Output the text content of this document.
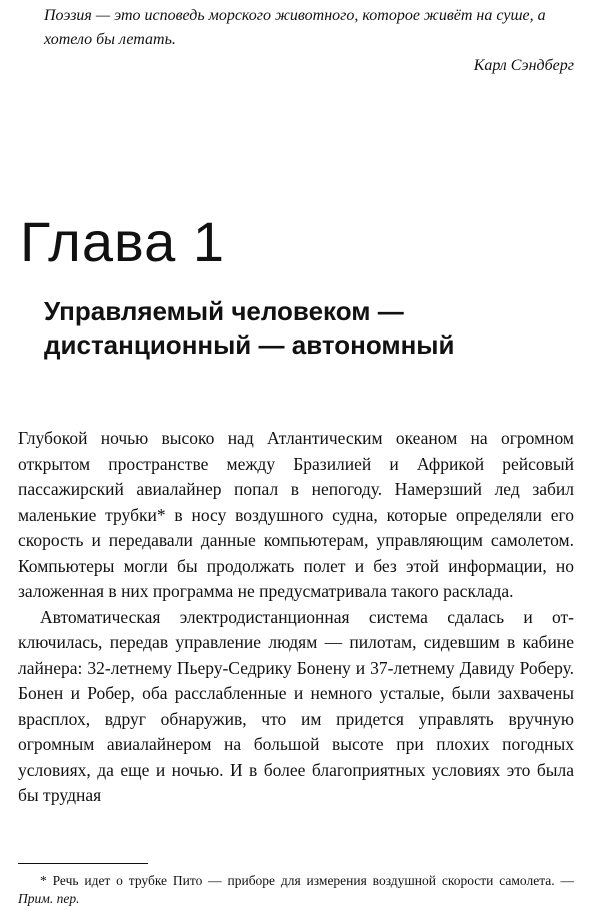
Поэзия — это исповедь морского животного, которое живёт на суше, а хотело бы летать.

Карл Сэндберг

Глава 1
Управляемый человеком — дистанционный — автономный

Глубокой ночью высоко над Атлантическим океаном на огромном открытом пространстве между Бразилией и Африкой рейсовый пассажирский авиалайнер попал в непогоду. Намерзший лед забил маленькие трубки* в носу воздушного судна, которые определяли его скорость и передавали данные компьютерам, управляющим самолетом. Компьютеры могли бы продолжать полет и без этой информации, но заложенная в них программа не предусматривала такого расклада.

Автоматическая электродистанционная система сдалась и отключилась, передав управление людям — пилотам, сидевшим в кабине лайнера: 32-летнему Пьеру-Седрику Бонену и 37-летнему Давиду Роберу. Бонен и Робер, оба расслабленные и немного усталые, были захвачены врасплох, вдруг обнаружив, что им придется управлять вручную огромным авиалайнером на большой высоте при плохих погодных условиях, да еще и ночью. И в более благоприятных условиях это была бы трудная

* Речь идет о трубке Пито — приборе для измерения воздушной скорости самолета. — Прим. пер.
